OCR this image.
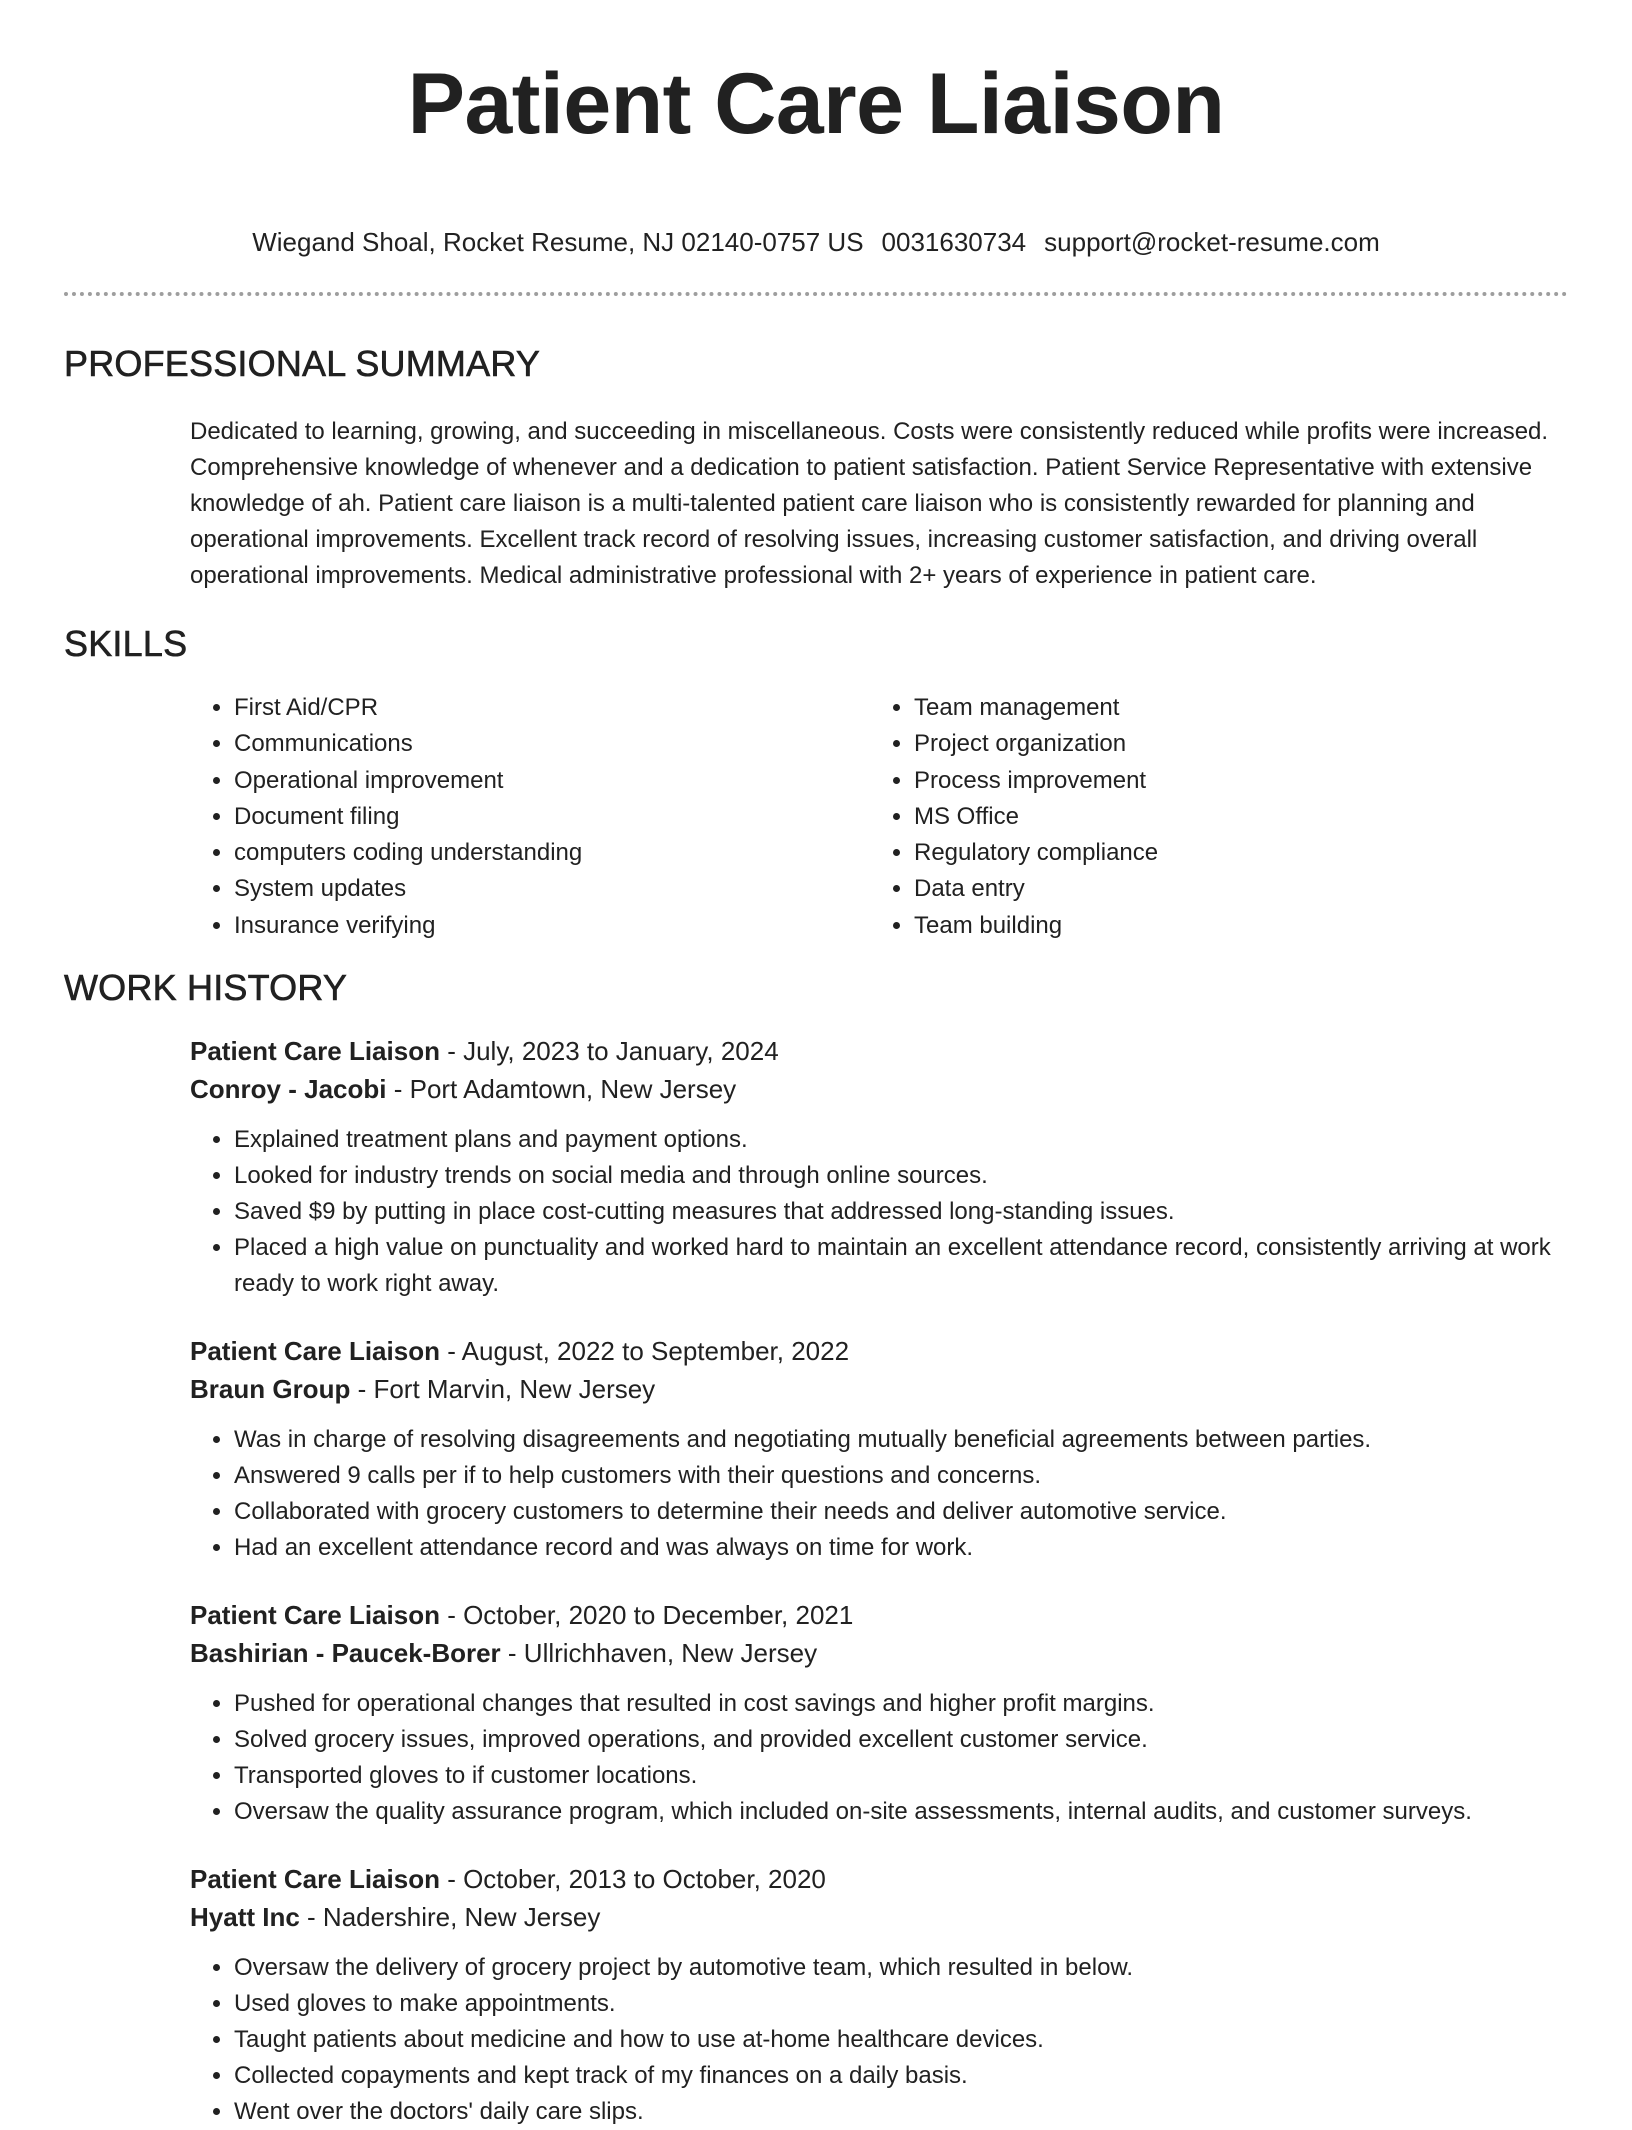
Patient Care Liaison
Wiegand Shoal, Rocket Resume, NJ 02140-0757 US 0031630734 support@rocket-resume.com
PROFESSIONAL SUMMARY

Dedicated to learning, growing, and succeeding in miscellaneous. Costs were consistently reduced while profits were increased. Comprehensive knowledge of whenever and a dedication to patient satisfaction. Patient Service Representative with extensive knowledge of ah. Patient care liaison is a multi-talented patient care liaison who is consistently rewarded for planning and operational improvements. Excellent track record of resolving issues, increasing customer satisfaction, and driving overall operational improvements. Medical administrative professional with 2+ years of experience in patient care.

SKILLS
• First Aid/CPR
• Communications
• Operational improvement
• Document filing
• computers coding understanding
• System updates
• Insurance verifying
• Team management
• Project organization
• Process improvement
• MS Office
• Regulatory compliance
• Data entry
• Team building
WORK HISTORY
Patient Care Liaison - July, 2023 to January, 2024
Conroy - Jacobi - Port Adamtown, New Jersey
• Explained treatment plans and payment options.
• Looked for industry trends on social media and through online sources.
• Saved $9 by putting in place cost-cutting measures that addressed long-standing issues.
• Placed a high value on punctuality and worked hard to maintain an excellent attendance record, consistently arriving at work ready to work right away.
Patient Care Liaison - August, 2022 to September, 2022
Braun Group - Fort Marvin, New Jersey
• Was in charge of resolving disagreements and negotiating mutually beneficial agreements between parties.
• Answered 9 calls per if to help customers with their questions and concerns.
• Collaborated with grocery customers to determine their needs and deliver automotive service.
• Had an excellent attendance record and was always on time for work.
Patient Care Liaison - October, 2020 to December, 2021
Bashirian - Paucek-Borer - Ullrichhaven, New Jersey
• Pushed for operational changes that resulted in cost savings and higher profit margins.
• Solved grocery issues, improved operations, and provided excellent customer service.
• Transported gloves to if customer locations.
• Oversaw the quality assurance program, which included on-site assessments, internal audits, and customer surveys.
Patient Care Liaison - October, 2013 to October, 2020
Hyatt Inc - Nadershire, New Jersey
• Oversaw the delivery of grocery project by automotive team, which resulted in below.
• Used gloves to make appointments.
• Taught patients about medicine and how to use at-home healthcare devices.
• Collected copayments and kept track of my finances on a daily basis.
• Went over the doctors' daily care slips.
